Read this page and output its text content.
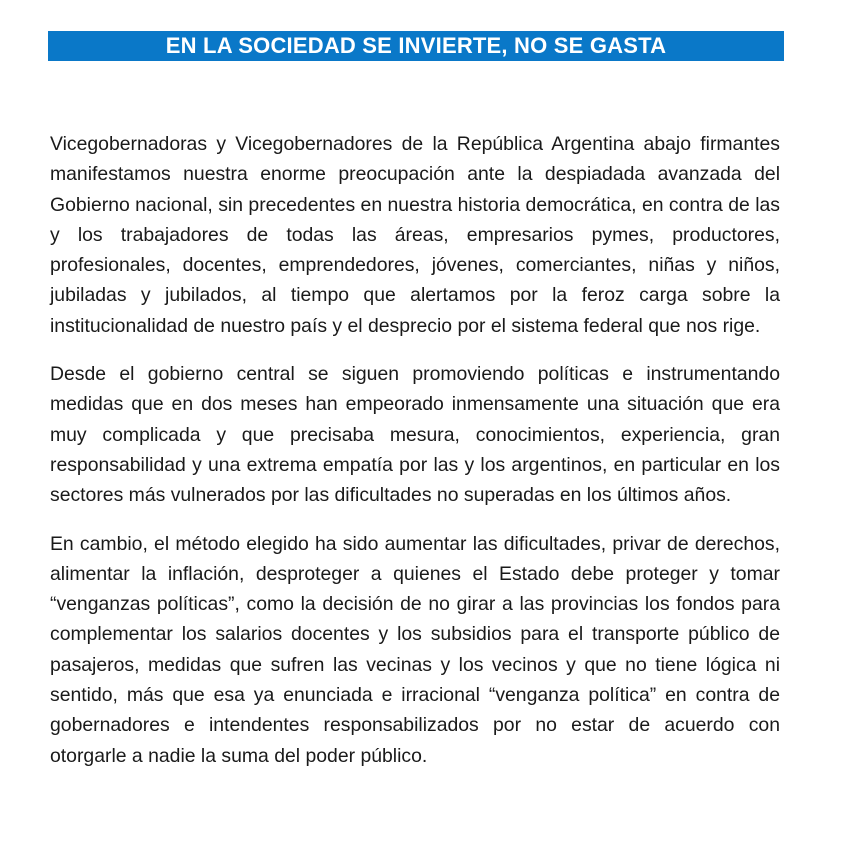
EN LA SOCIEDAD SE INVIERTE, NO SE GASTA

Vicegobernadoras y Vicegobernadores de la República Argentina abajo firmantes manifestamos nuestra enorme preocupación ante la despiadada avanzada del Gobierno nacional, sin precedentes en nuestra historia democrática, en contra de las y los trabajadores de todas las áreas, empresarios pymes, productores, profesionales, docentes, emprendedores, jóvenes, comerciantes, niñas y niños, jubiladas y jubilados, al tiempo que alertamos por la feroz carga sobre la institucionalidad de nuestro país y el desprecio por el sistema federal que nos rige.

Desde el gobierno central se siguen promoviendo políticas e instrumentando medidas que en dos meses han empeorado inmensamente una situación que era muy complicada y que precisaba mesura, conocimientos, experiencia, gran responsabilidad y una extrema empatía por las y los argentinos, en particular en los sectores más vulnerados por las dificultades no superadas en los últimos años.

En cambio, el método elegido ha sido aumentar las dificultades, privar de derechos, alimentar la inflación, desproteger a quienes el Estado debe proteger y tomar “venganzas políticas”, como la decisión de no girar a las provincias los fondos para complementar los salarios docentes y los subsidios para el transporte público de pasajeros, medidas que sufren las vecinas y los vecinos y que no tiene lógica ni sentido, más que esa ya enunciada e irracional “venganza política” en contra de gobernadores e intendentes responsabilizados por no estar de acuerdo con otorgarle a nadie la suma del poder público.
